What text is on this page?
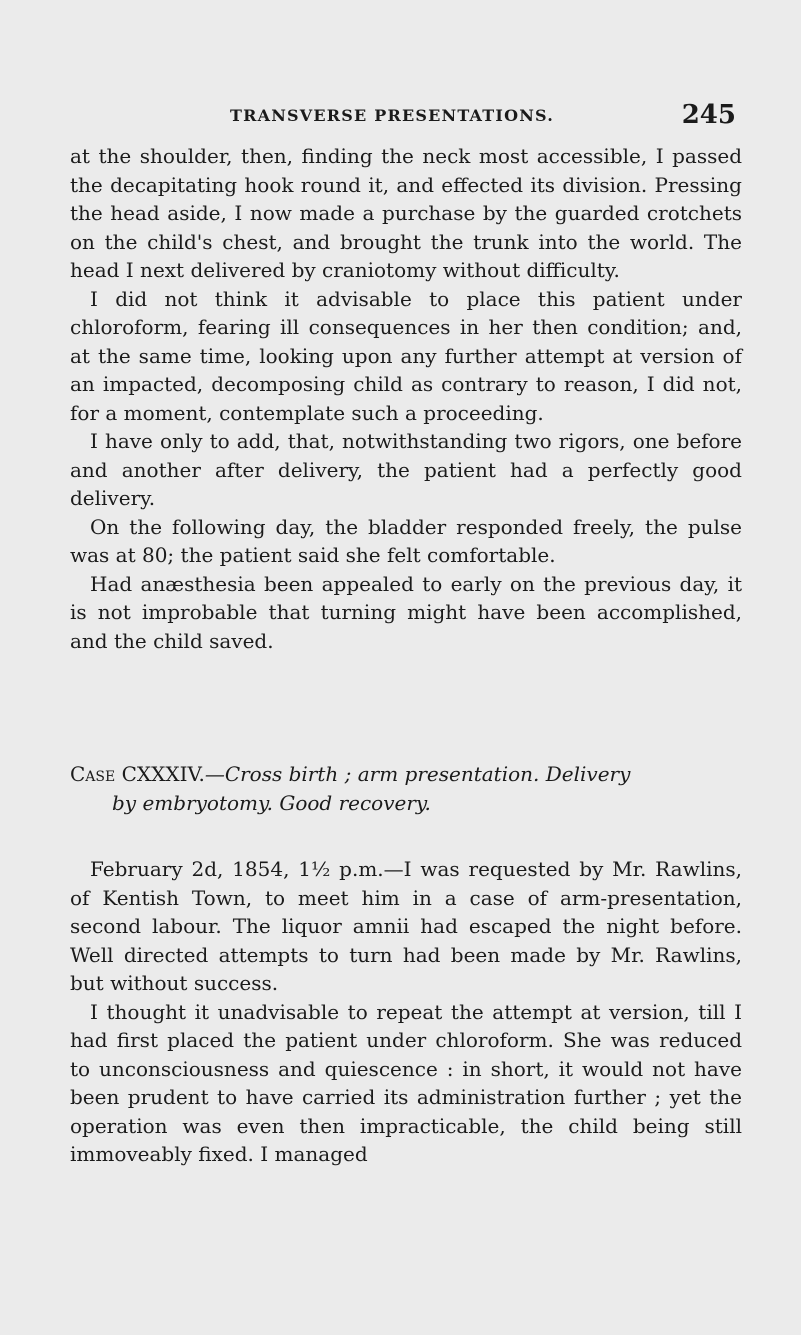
TRANSVERSE PRESENTATIONS.	245

at the shoulder, then, finding the neck most accessible, I passed the decapitating hook round it, and effected its division. Pressing the head aside, I now made a purchase by the guarded crotchets on the child's chest, and brought the trunk into the world. The head I next delivered by craniotomy without difficulty.

I did not think it advisable to place this patient under chloroform, fearing ill consequences in her then condition; and, at the same time, looking upon any further attempt at version of an impacted, decomposing child as contrary to reason, I did not, for a moment, contemplate such a proceeding.

I have only to add, that, notwithstanding two rigors, one before and another after delivery, the patient had a perfectly good delivery.

On the following day, the bladder responded freely, the pulse was at 80; the patient said she felt comfortable.

Had anæsthesia been appealed to early on the previous day, it is not improbable that turning might have been accomplished, and the child saved.

Case CXXXIV.—Cross birth ; arm presentation. Delivery
by embryotomy. Good recovery.

February 2d, 1854, 1½ p.m.—I was requested by Mr. Rawlins, of Kentish Town, to meet him in a case of arm-presentation, second labour. The liquor amnii had escaped the night before. Well directed attempts to turn had been made by Mr. Rawlins, but without success.

I thought it unadvisable to repeat the attempt at version, till I had first placed the patient under chloroform. She was reduced to unconsciousness and quiescence : in short, it would not have been prudent to have carried its administration further ; yet the operation was even then impracticable, the child being still immoveably fixed. I managed
